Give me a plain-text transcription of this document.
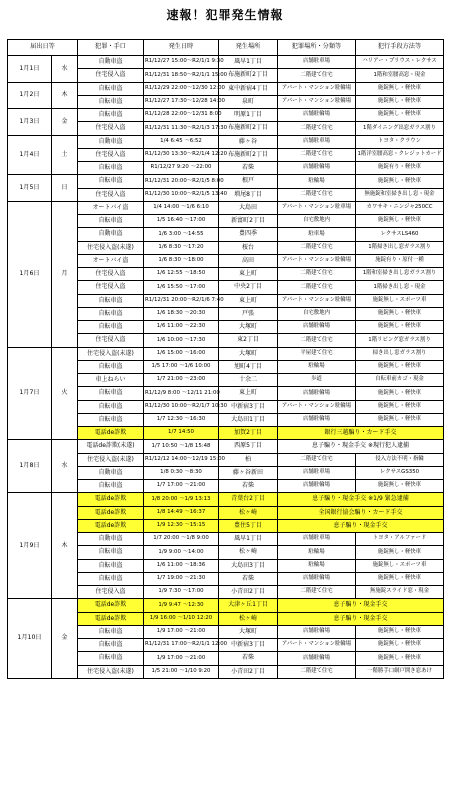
速報！犯罪発生情報
届出日等		犯罪・手口	発生日時	発生場所	犯罪場所・分類等	犯行手段方法等
1月1日	水	自動車盗	R1/12/27 15:00～R2/1/1 9:30	風早1丁目	店舗駐車場	ハリアー・プリウス・レクサス
		住宅侵入盗	R1/12/31 18:50～R2/1/1 15:00	布施新町2丁目	二階建て住宅	1階和室腰高窓・現金
1月2日	木	自転車盗	R1/12/29 22:00～12/30 12:00	東中新宿4丁目	アパート・マンション駐輪場	施錠無し・軽快車
		自転車盗	R1/12/27 17:30～12/28 14:00	泉町	アパート・マンション駐輪場	施錠無し・軽快車
1月3日	金	自転車盗	R1/12/28 22:00～12/31 8:00	明原1丁目	店舗駐輪場	施錠無し・軽快車
		住宅侵入盗	R1/12/31 11:30～R2/1/3 17:30	布施新町2丁目	二階建て住宅	1階ダイニング出窓ガラス割り
1月4日	土	自動車盗	1/4 6:45 ～6:52	藤ヶ谷	店舗駐車場	トヨタ・クラウン
		住宅侵入盗	R1/12/30 13:30～R2/1/4 12:20	布施新町2丁目	二階建て住宅	1階洋室腰高窓・クレジットカード
		自転車盗	R1/12/27 9:20 ～22:00	若柴	店舗駐輪場	施錠有り・軽快車
1月5日	日	自転車盗	R1/12/31 20:00～R2/1/5 8:00	根戸	駐輪場	施錠無し・軽快車
		住宅侵入盗	R1/12/30 10:00～R2/1/5 13:40	増尾8丁目	二階建て住宅	無施錠和室掃き出し窓・現金
1月6日	月	オートバイ盗	1/4 14:00 ～1/6 6:10	大島田	アパート・マンション駐車場	カワサキ・ニンジャ250CC
		自転車盗	1/5 16:40 ～17:00	新富町2丁目	自宅敷地内	施錠無し・軽快車
		自動車盗	1/6 3:00 ～14:55	豊四季	駐車場	レクサスLS460
		住宅侵入盗(未遂)	1/6 8:30 ～17:20	桜台	二階建て住宅	1階掃き出し窓ガラス割り
		オートバイ盗	1/6 8:30 ～18:00	高田	アパート・マンション駐輪場	施錠有り・原付一種
		住宅侵入盗	1/6 12:55 ～18:50	東上町	二階建て住宅	1階和室掃き出し窓ガラス割り
		住宅侵入盗	1/6 15:50 ～17:00	中央2丁目	二階建て住宅	1階掃き出し窓・現金
		自転車盗	R1/12/31 20:00～R2/1/6 7:40	東上町	アパート・マンション駐輪場	施錠無し・スポーツ車
		自転車盗	1/6 18:30 ～20:30	戸張	自宅敷地内	施錠無し・軽快車
		自転車盗	1/6 11:00 ～22:30	大塚町	店舗駐輪場	施錠無し・軽快車
		住宅侵入盗	1/6 10:00 ～17:30	東2丁目	二階建て住宅	1階リビング窓ガラス割り
1月7日	火	住宅侵入盗(未遂)	1/6 15:00 ～16:00	大塚町	平屋建て住宅	掃き出し窓ガラス割り
		自転車盗	1/5 17:00 ～1/6 10:00	旭町4丁目	駐輪場	施錠無し・軽快車
		車上ねらい	1/7 21:00 ～23:00	十余二	歩道	自転車前カゴ・現金
		自転車盗	R1/12/9 8:00 ～12/11 21:00	東上町	店舗駐輪場	施錠無し・軽快車
		自転車盗	R1/12/30 10:00～R2/1/7 10:30	中新宿3丁目	アパート・マンション駐輪場	施錠無し・軽快車
		自転車盗	1/7 12:30 ～16:30	大島田1丁目	店舗駐輪場	施錠無し・軽快車
		電話de詐欺	1/7 14:50	加賀2丁目	銀行三越騙り・カード手交	
1月8日	水	電話de詐欺(未遂)	1/7 10:50 ～1/8 15:48	西原5丁目	息子騙り・現金手交 ※現行犯人逮捕	
		住宅侵入盗(未遂)	R1/12/12 14:00～12/19 15:00	柏	二階建て住宅	侵入方法不明・指輪
		自動車盗	1/8 0:30 ～8:30	藤ヶ谷新田	店舗駐車場	レクサスGS350
		自転車盗	1/7 17:00 ～21:00	若柴	店舗駐輪場	施錠無し・軽快車
1月9日	木	電話de詐欺	1/8 20:00 ～1/9 13:13	青葉台2丁目	息子騙り・現金手交 ※1/9 緊急逮捕	
		電話de詐欺	1/8 14:49 ～16:37	松ヶ崎	全国銀行協会騙り・カード手交	
		電話de詐欺	1/9 12:30 ～15:15	豊住5丁目	息子騙り・現金手交	
		自動車盗	1/7 20:00 ～1/8 9:00	風早1丁目	店舗駐車場	トヨタ・アルファード
		自転車盗	1/9 9:00 ～14:00	松ヶ崎	駐輪場	施錠無し・軽快車
		自転車盗	1/6 11:00 ～18:36	大島田3丁目	駐輪場	施錠無し・スポーツ車
		自転車盗	1/7 19:00 ～21:30	若柴	店舗駐輪場	施錠無し・軽快車
		住宅侵入盗	1/9 7:30 ～17:00	小青田2丁目	二階建て住宅	無施錠スライド窓・現金
1月10日	金	電話de詐欺	1/9 9:47 ～12:30	大津ヶ丘1丁目	息子騙り・現金手交	
		電話de詐欺	1/9 16:00 ～1/10 12:20	松ヶ崎	息子騙り・現金手交	
		自転車盗	1/9 17:00 ～21:00	大塚町	店舗駐輪場	施錠無し・軽快車
		自転車盗	R1/12/31 17:00～R2/1/1 12:00	中新宿3丁目	アパート・マンション駐輪場	施錠無し・軽快車
		自転車盗	1/9 17:00 ～21:00	若柴	店舗駐輪場	施錠無し・軽快車
		住宅侵入盗(未遂)	1/5 21:00 ～1/10 9:20	小青田2丁目	二階建て住宅	一階勝手口網戸開き窓あけ
